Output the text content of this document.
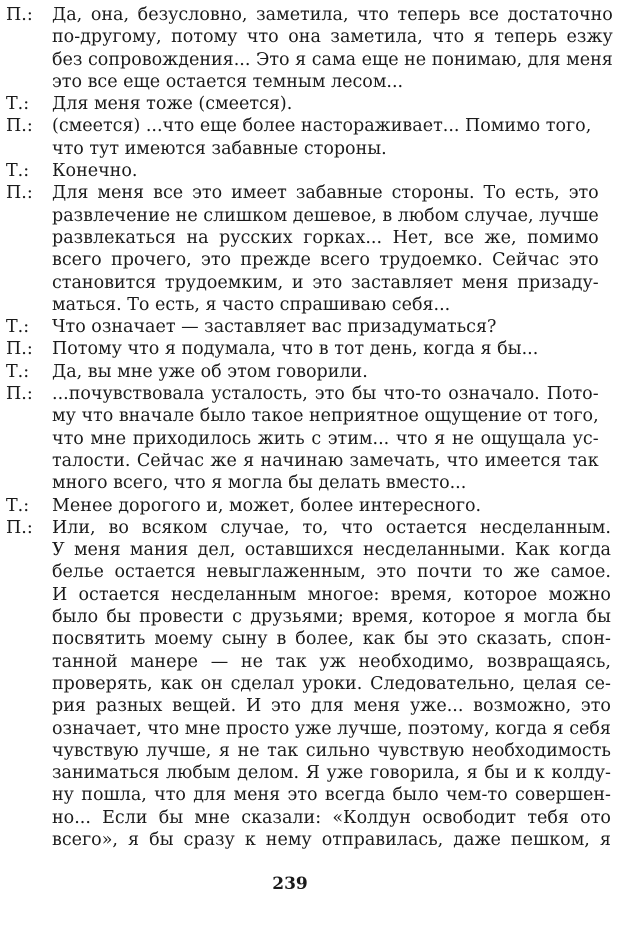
П.:	Да, она, безусловно, заметила, что теперь все достаточно
по-другому, потому что она заметила, что я теперь езжу
без сопровождения... Это я сама еще не понимаю, для меня
это все еще остается темным лесом...
Т.:	Для меня тоже (смеется).
П.:	(смеется) ...что еще более настораживает... Помимо того,
что тут имеются забавные стороны.
Т.:	Конечно.
П.:	Для меня все это имеет забавные стороны. То есть, это
развлечение не слишком дешевое, в любом случае, лучше
развлекаться на русских горках... Нет, все же, помимо
всего прочего, это прежде всего трудоемко. Сейчас это
становится трудоемким, и это заставляет меня призаду-
маться. То есть, я часто спрашиваю себя...
Т.:	Что означает — заставляет вас призадуматься?
П.:	Потому что я подумала, что в тот день, когда я бы...
Т.:	Да, вы мне уже об этом говорили.
П.:	...почувствовала усталость, это бы что-то означало. Пото-
му что вначале было такое неприятное ощущение от того,
что мне приходилось жить с этим... что я не ощущала ус-
талости. Сейчас же я начинаю замечать, что имеется так
много всего, что я могла бы делать вместо...
Т.:	Менее дорогого и, может, более интересного.
П.:	Или, во всяком случае, то, что остается несделанным.
У меня мания дел, оставшихся несделанными. Как когда
белье остается невыглаженным, это почти то же самое.
И остается несделанным многое: время, которое можно
было бы провести с друзьями; время, которое я могла бы
посвятить моему сыну в более, как бы это сказать, спон-
танной манере — не так уж необходимо, возвращаясь,
проверять, как он сделал уроки. Следовательно, целая се-
рия разных вещей. И это для меня уже... возможно, это
означает, что мне просто уже лучше, поэтому, когда я себя
чувствую лучше, я не так сильно чувствую необходимость
заниматься любым делом. Я уже говорила, я бы и к колду-
ну пошла, что для меня это всегда было чем-то совершен-
но... Если бы мне сказали: «Колдун освободит тебя ото
всего», я бы сразу к нему отправилась, даже пешком, я
239
